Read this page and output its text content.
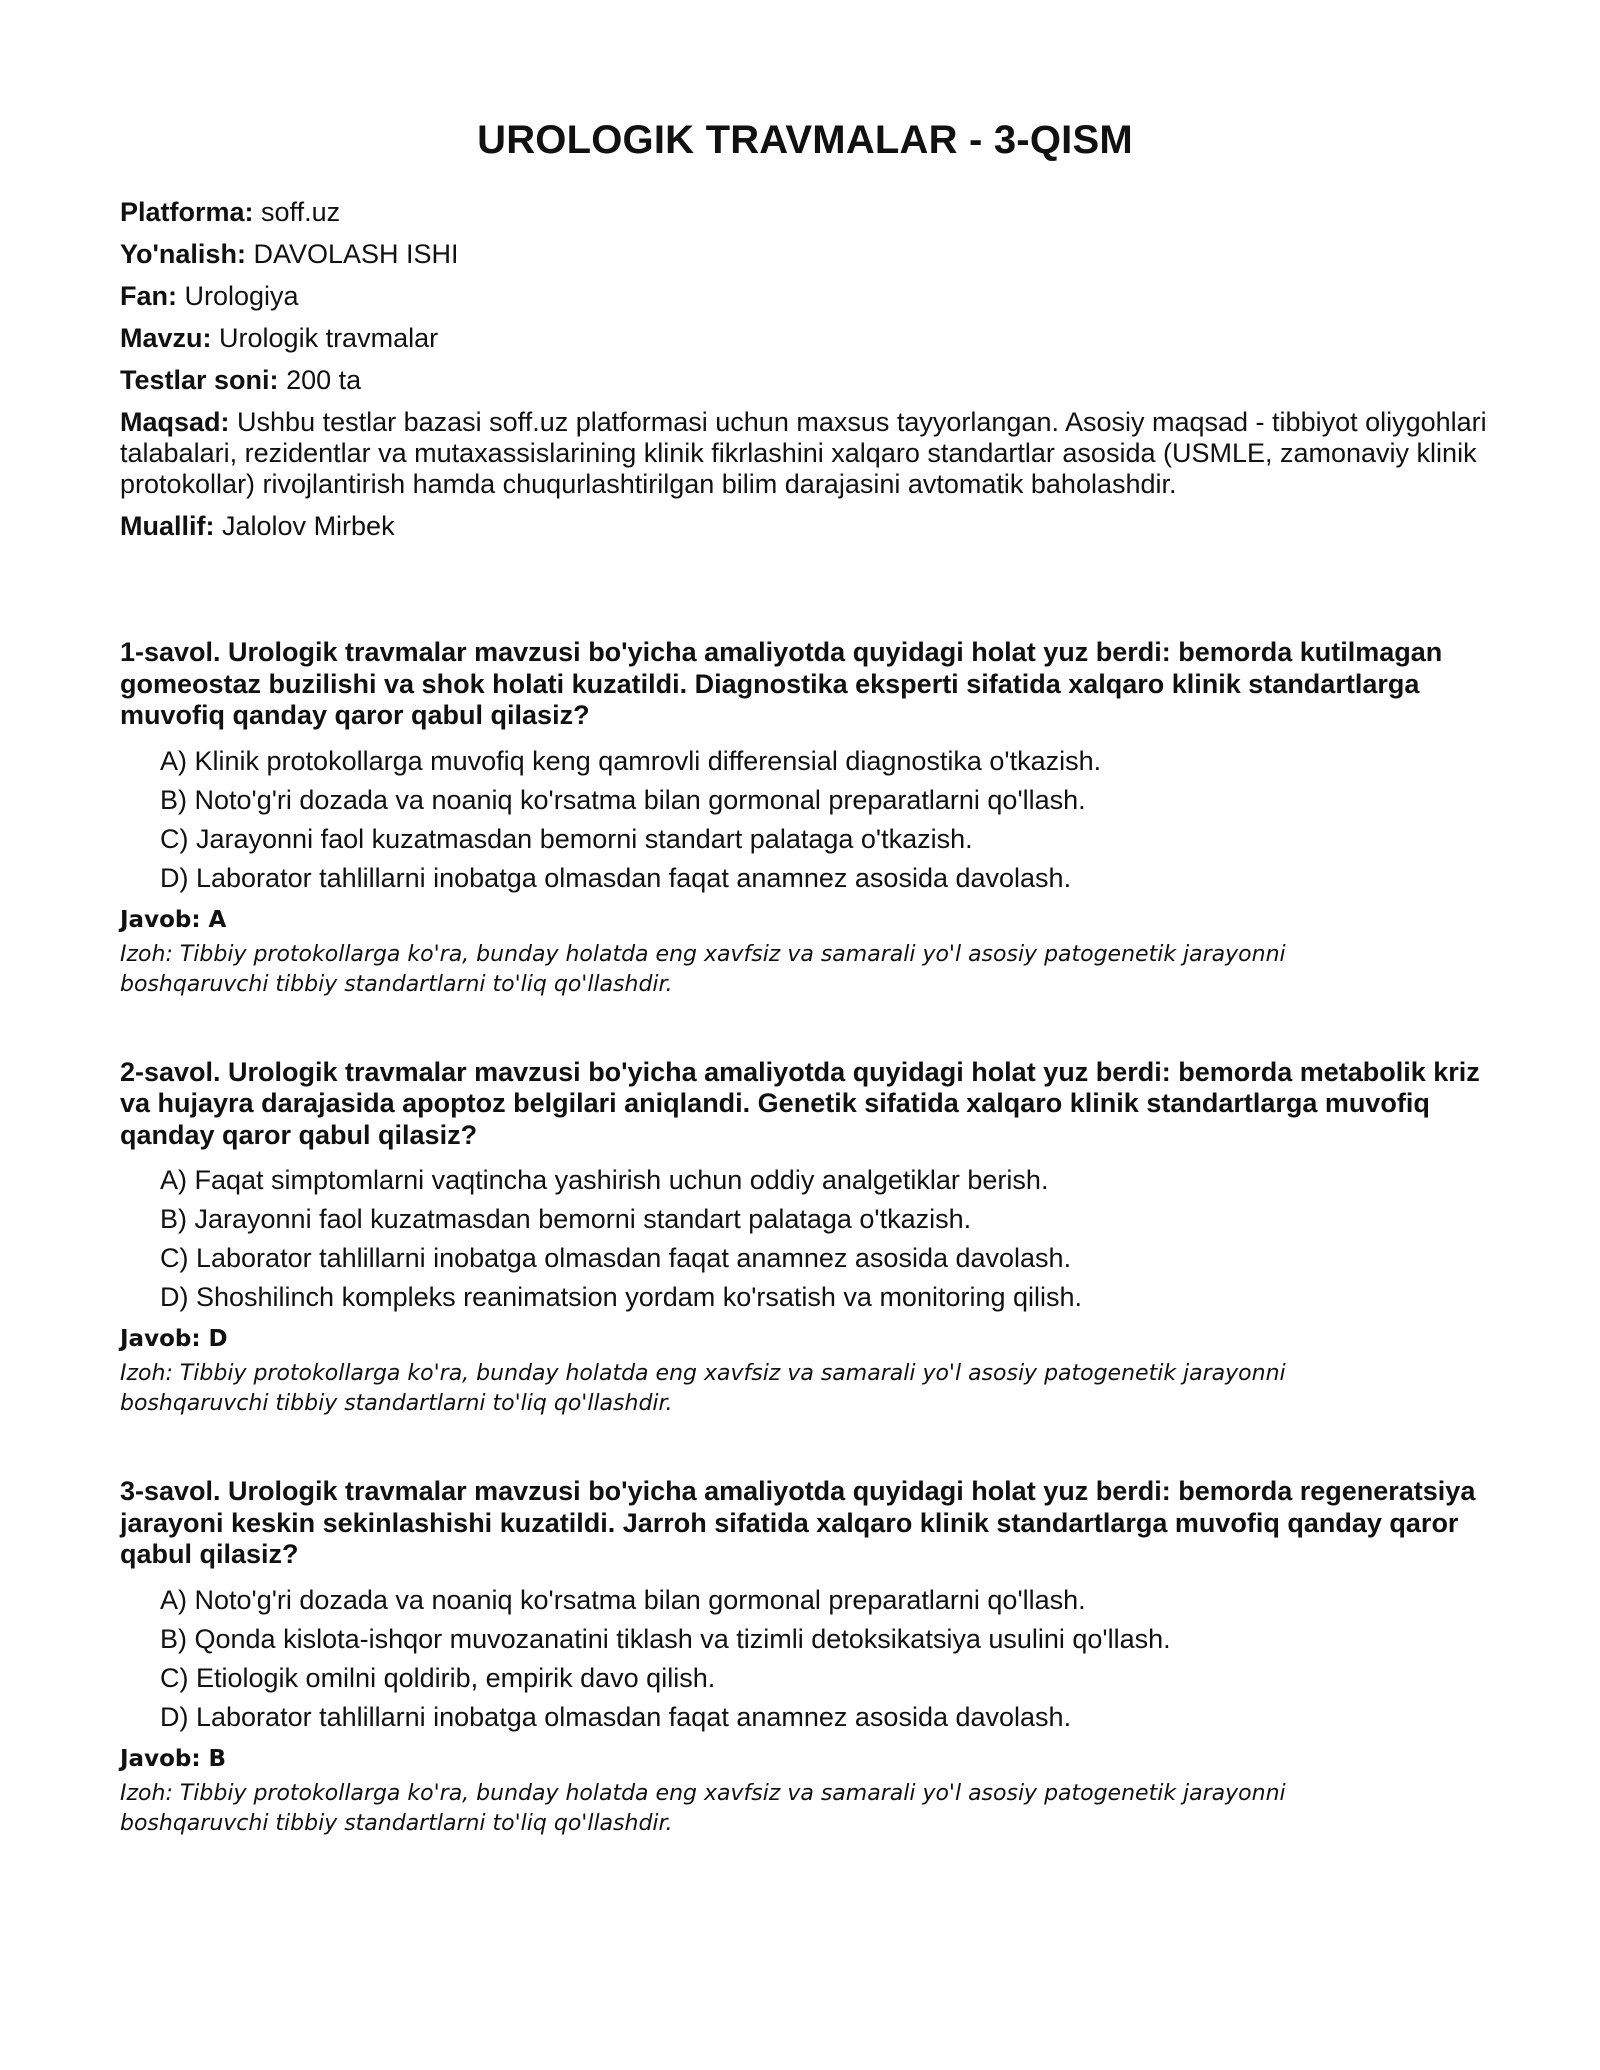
UROLOGIK TRAVMALAR - 3-QISM

Platforma: soff.uz

Yo'nalish: DAVOLASH ISHI

Fan: Urologiya

Mavzu: Urologik travmalar

Testlar soni: 200 ta

Maqsad: Ushbu testlar bazasi soff.uz platformasi uchun maxsus tayyorlangan. Asosiy maqsad - tibbiyot oliygohlari talabalari, rezidentlar va mutaxassislarining klinik fikrlashini xalqaro standartlar asosida (USMLE, zamonaviy klinik protokollar) rivojlantirish hamda chuqurlashtirilgan bilim darajasini avtomatik baholashdir.

Muallif: Jalolov Mirbek

1-savol. Urologik travmalar mavzusi bo'yicha amaliyotda quyidagi holat yuz berdi: bemorda kutilmagan gomeostaz buzilishi va shok holati kuzatildi. Diagnostika eksperti sifatida xalqaro klinik standartlarga muvofiq qanday qaror qabul qilasiz?

A) Klinik protokollarga muvofiq keng qamrovli differensial diagnostika o'tkazish.
B) Noto'g'ri dozada va noaniq ko'rsatma bilan gormonal preparatlarni qo'llash.
C) Jarayonni faol kuzatmasdan bemorni standart palataga o'tkazish.
D) Laborator tahlillarni inobatga olmasdan faqat anamnez asosida davolash.

Javob: A

Izoh: Tibbiy protokollarga ko'ra, bunday holatda eng xavfsiz va samarali yo'l asosiy patogenetik jarayonni boshqaruvchi tibbiy standartlarni to'liq qo'llashdir.

2-savol. Urologik travmalar mavzusi bo'yicha amaliyotda quyidagi holat yuz berdi: bemorda metabolik kriz va hujayra darajasida apoptoz belgilari aniqlandi. Genetik sifatida xalqaro klinik standartlarga muvofiq qanday qaror qabul qilasiz?

A) Faqat simptomlarni vaqtincha yashirish uchun oddiy analgetiklar berish.
B) Jarayonni faol kuzatmasdan bemorni standart palataga o'tkazish.
C) Laborator tahlillarni inobatga olmasdan faqat anamnez asosida davolash.
D) Shoshilinch kompleks reanimatsion yordam ko'rsatish va monitoring qilish.

Javob: D

Izoh: Tibbiy protokollarga ko'ra, bunday holatda eng xavfsiz va samarali yo'l asosiy patogenetik jarayonni boshqaruvchi tibbiy standartlarni to'liq qo'llashdir.

3-savol. Urologik travmalar mavzusi bo'yicha amaliyotda quyidagi holat yuz berdi: bemorda regeneratsiya jarayoni keskin sekinlashishi kuzatildi. Jarroh sifatida xalqaro klinik standartlarga muvofiq qanday qaror qabul qilasiz?

A) Noto'g'ri dozada va noaniq ko'rsatma bilan gormonal preparatlarni qo'llash.
B) Qonda kislota-ishqor muvozanatini tiklash va tizimli detoksikatsiya usulini qo'llash.
C) Etiologik omilni qoldirib, empirik davo qilish.
D) Laborator tahlillarni inobatga olmasdan faqat anamnez asosida davolash.

Javob: B

Izoh: Tibbiy protokollarga ko'ra, bunday holatda eng xavfsiz va samarali yo'l asosiy patogenetik jarayonni boshqaruvchi tibbiy standartlarni to'liq qo'llashdir.
